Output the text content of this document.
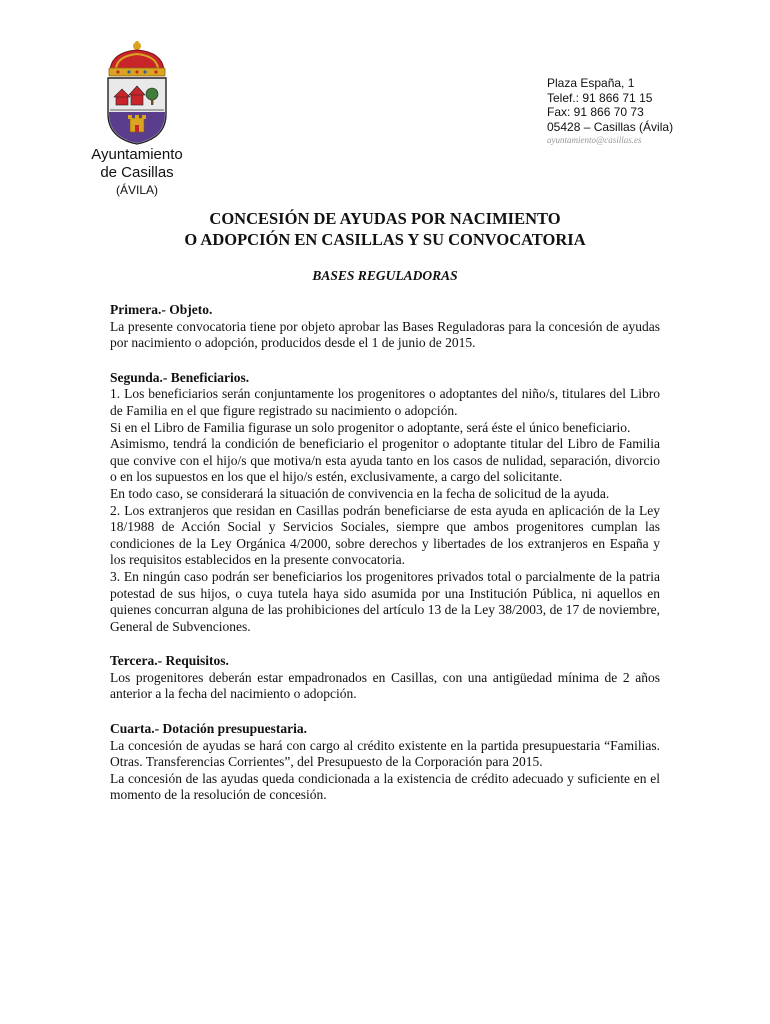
Ayuntamiento
de Casillas
(ÁVILA)
Plaza España, 1
Telef.: 91 866 71 15
Fax: 91 866 70 73
05428 – Casillas (Ávila)
ayuntamiento@casillas.es
CONCESIÓN DE AYUDAS POR NACIMIENTO
O ADOPCIÓN EN CASILLAS Y SU CONVOCATORIA
BASES REGULADORAS
Primera.- Objeto.

La presente convocatoria tiene por objeto aprobar las Bases Reguladoras para la concesión de ayudas por nacimiento o adopción, producidos desde el 1 de junio de 2015.

Segunda.- Beneficiarios.

1. Los beneficiarios serán conjuntamente los progenitores o adoptantes del niño/s, titulares del Libro de Familia en el que figure registrado su nacimiento o adopción.

Si en el Libro de Familia figurase un solo progenitor o adoptante, será éste el único beneficiario.

Asimismo, tendrá la condición de beneficiario el progenitor o adoptante titular del Libro de Familia que convive con el hijo/s que motiva/n esta ayuda tanto en los casos de nulidad, separación, divorcio o en los supuestos en los que el hijo/s estén, exclusivamente, a cargo del solicitante.

En todo caso, se considerará la situación de convivencia en la fecha de solicitud de la ayuda.

2. Los extranjeros que residan en Casillas podrán beneficiarse de esta ayuda en aplicación de la Ley 18/1988 de Acción Social y Servicios Sociales, siempre que ambos progenitores cumplan las condiciones de la Ley Orgánica 4/2000, sobre derechos y libertades de los extranjeros en España y los requisitos establecidos en la presente convocatoria.

3. En ningún caso podrán ser beneficiarios los progenitores privados total o parcialmente de la patria potestad de sus hijos, o cuya tutela haya sido asumida por una Institución Pública, ni aquellos en quienes concurran alguna de las prohibiciones del artículo 13 de la Ley 38/2003, de 17 de noviembre, General de Subvenciones.

Tercera.- Requisitos.

Los progenitores deberán estar empadronados en Casillas, con una antigüedad mínima de 2 años anterior a la fecha del nacimiento o adopción.

Cuarta.- Dotación presupuestaria.

La concesión de ayudas se hará con cargo al crédito existente en la partida presupuestaria “Familias. Otras. Transferencias Corrientes”, del Presupuesto de la Corporación para 2015.

La concesión de las ayudas queda condicionada a la existencia de crédito adecuado y suficiente en el momento de la resolución de concesión.
